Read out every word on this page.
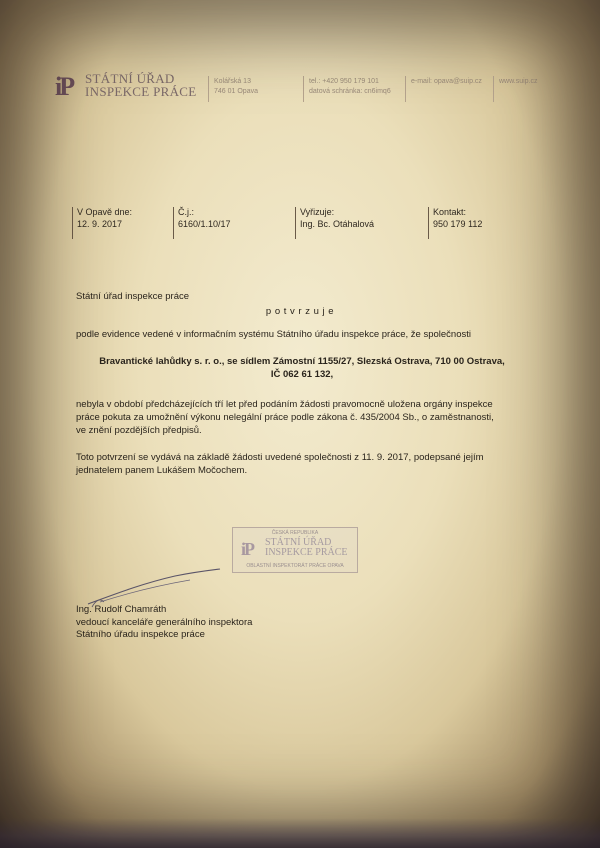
iP STÁTNÍ ÚŘAD
INSPEKCE PRÁCE
Kolářská 13
746 01 Opava
tel.: +420 950 179 101
datová schránka: cn6imq6
e-mail: opava@suip.cz www.suip.cz
V Opavě dne:
12. 9. 2017
Č.j.:
6160/1.10/17
Vyřizuje:
Ing. Bc. Otáhalová
Kontakt:
950 179 112
Státní úřad inspekce práce
p o t v r z u j e
podle evidence vedené v informačním systému Státního úřadu inspekce práce, že společnosti
Bravantické lahůdky s. r. o., se sídlem Zámostní 1155/27, Slezská Ostrava, 710 00 Ostrava,
IČ 062 61 132,
nebyla v období předcházejících tří let před podáním žádosti pravomocně uložena orgány inspekce
práce pokuta za umožnění výkonu nelegální práce podle zákona č. 435/2004 Sb., o zaměstnanosti,
ve znění pozdějších předpisů.
Toto potvrzení se vydává na základě žádosti uvedené společnosti z 11. 9. 2017, podepsané jejím
jednatelem panem Lukášem Močochem.
ČESKÁ REPUBLIKA
iP STÁTNÍ ÚŘAD
INSPEKCE PRÁCE
OBLASTNÍ INSPEKTORÁT PRÁCE OPAVA
Ing. Rudolf Chamráth
vedoucí kanceláře generálního inspektora
Státního úřadu inspekce práce
